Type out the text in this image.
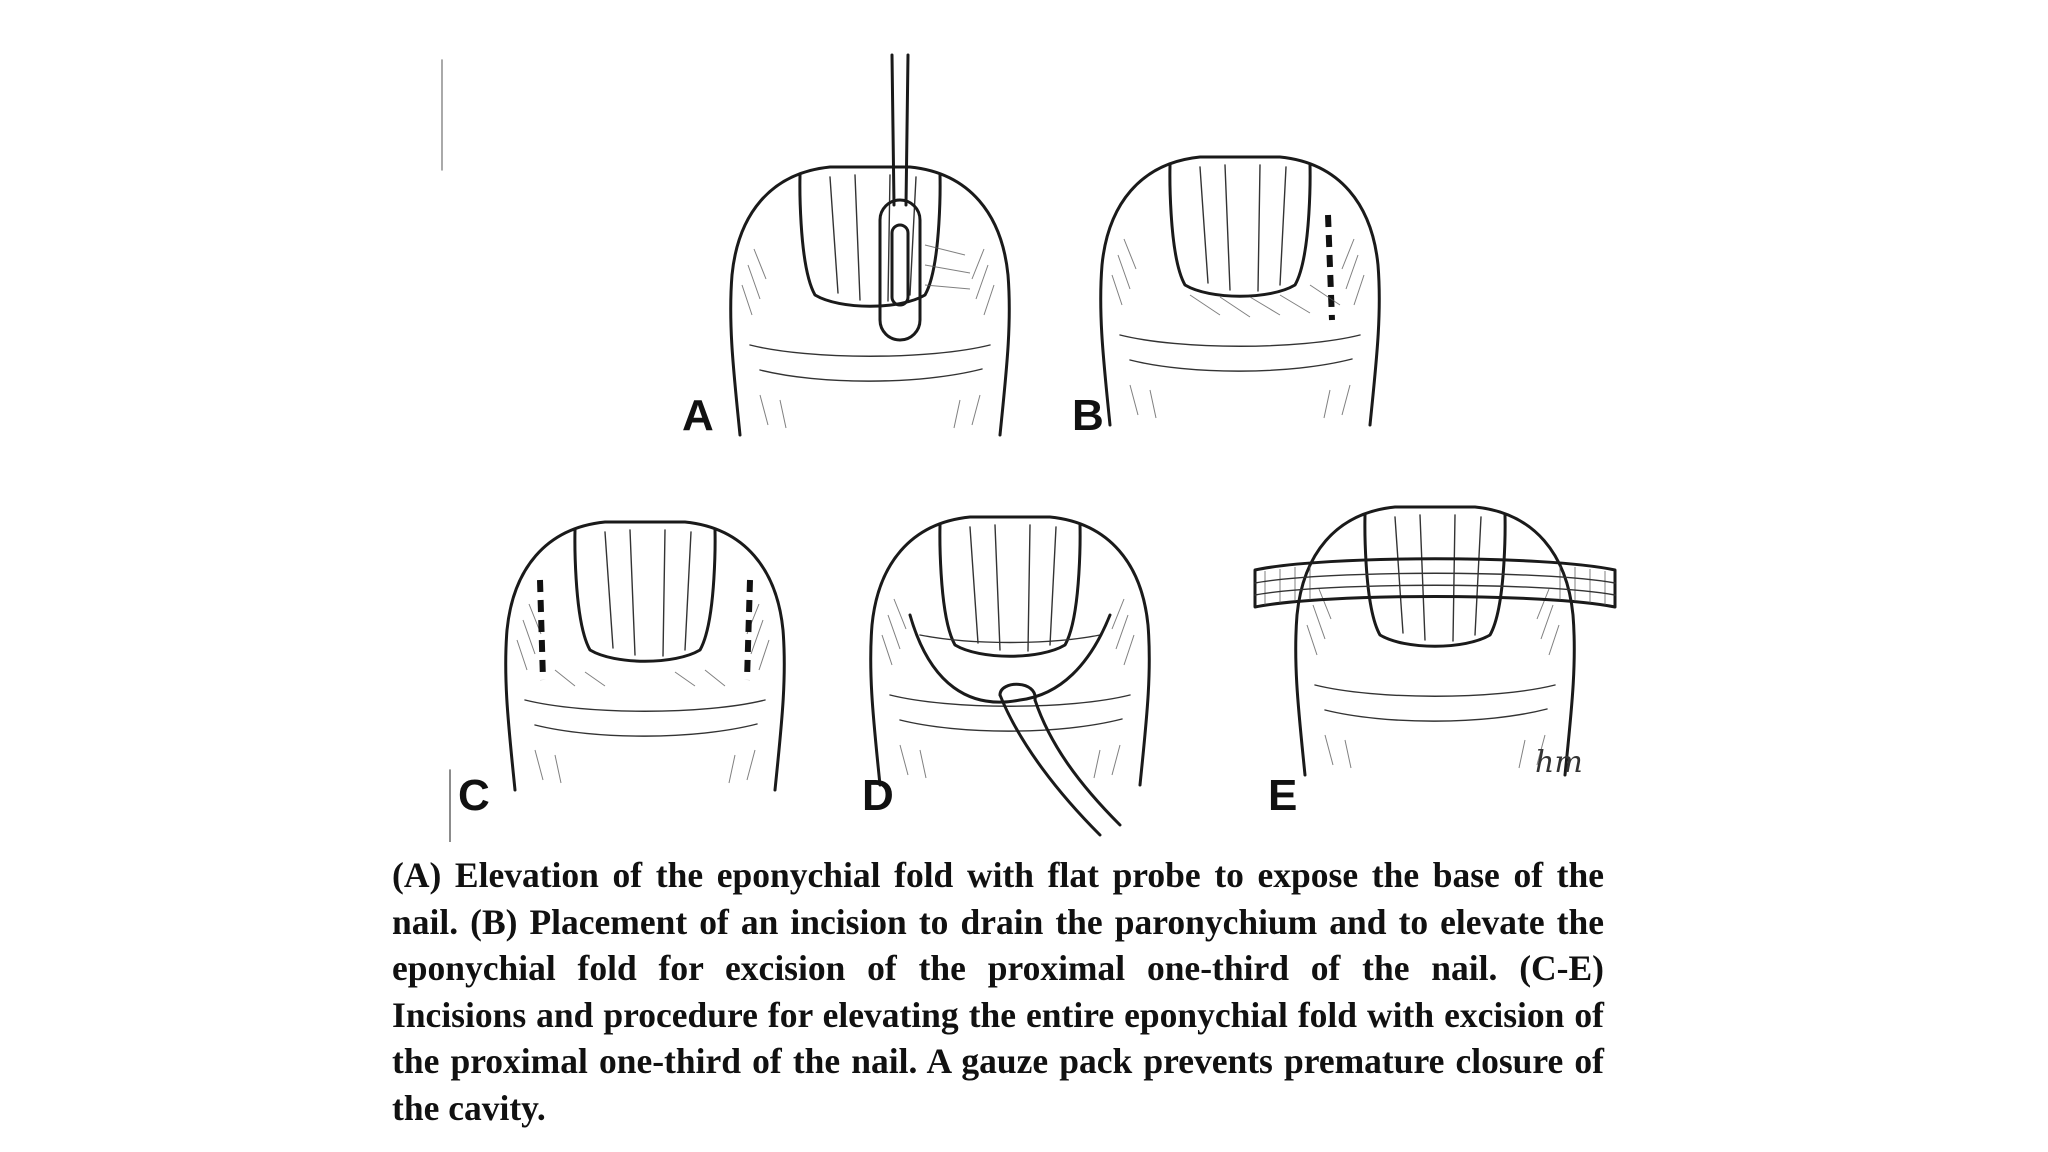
A	B
C	D	E
hm

(A) Elevation of the eponychial fold with flat probe to expose the base of the nail. (B) Placement of an incision to drain the paronychium and to elevate the eponychial fold for excision of the proximal one-third of the nail. (C-E) Incisions and procedure for elevating the entire eponychial fold with excision of the proximal one-third of the nail. A gauze pack prevents premature closure of the cavity.
